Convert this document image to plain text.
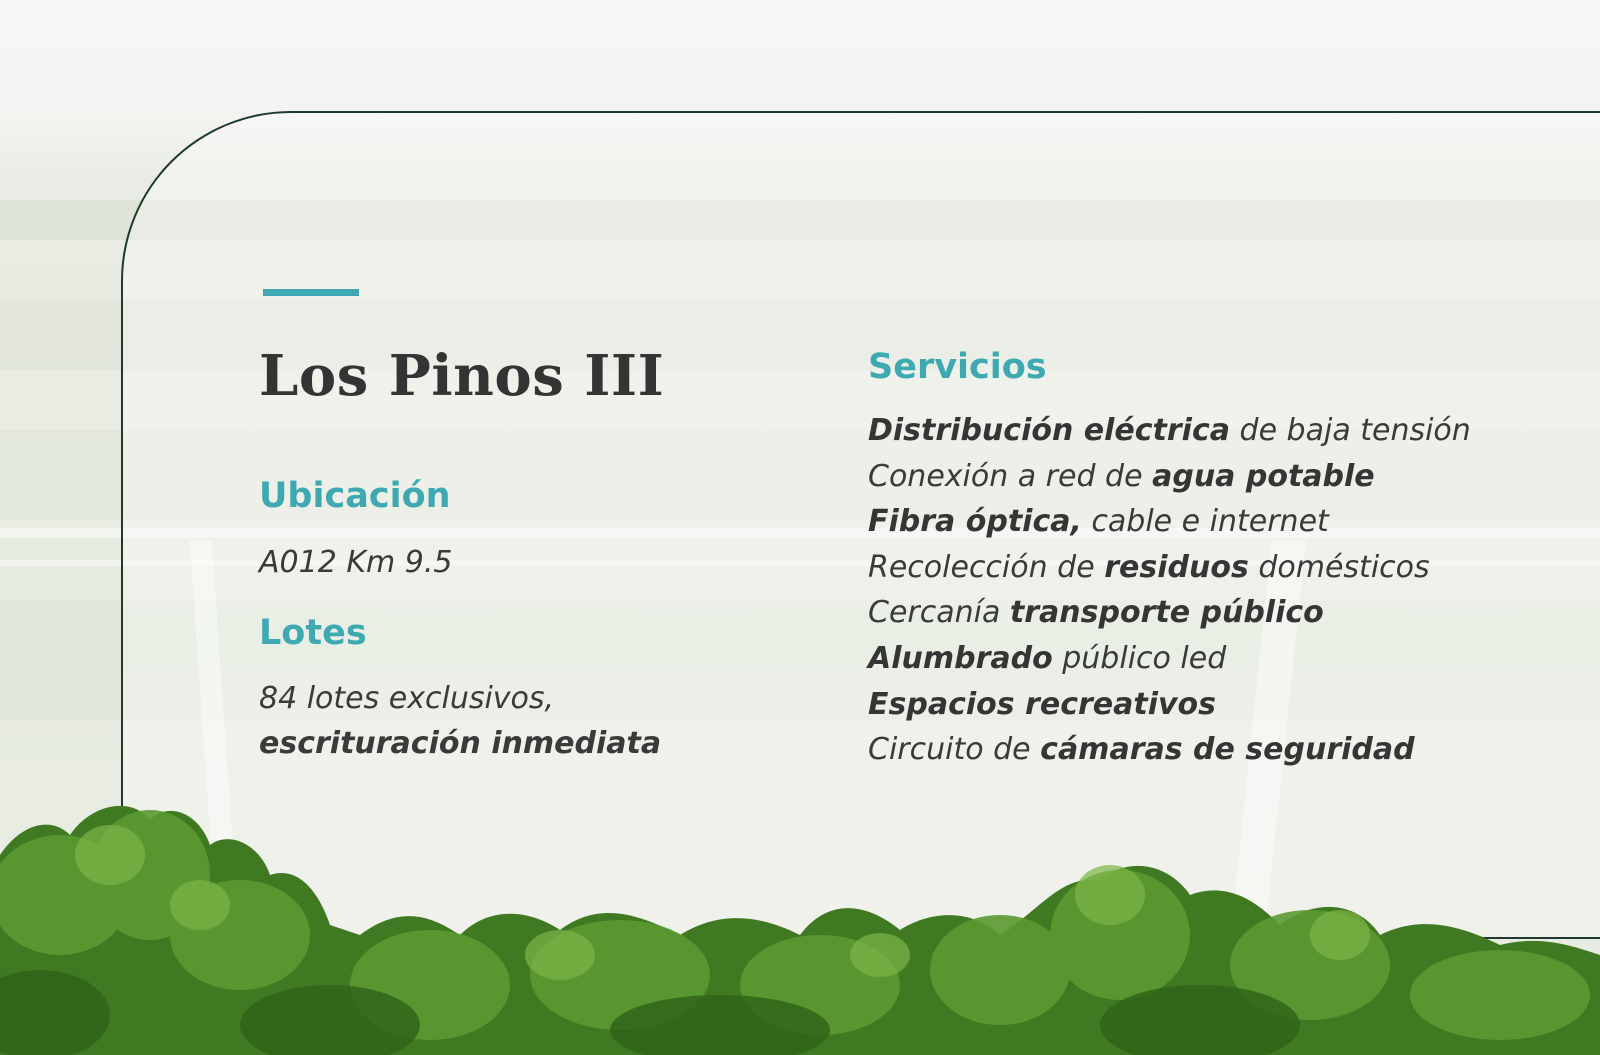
Los Pinos III

Ubicación

A012 Km 9.5

Lotes

84 lotes exclusivos,
escrituración inmediata

Servicios

Distribución eléctrica de baja tensión
Conexión a red de agua potable
Fibra óptica, cable e internet
Recolección de residuos domésticos
Cercanía transporte público
Alumbrado público led
Espacios recreativos
Circuito de cámaras de seguridad
